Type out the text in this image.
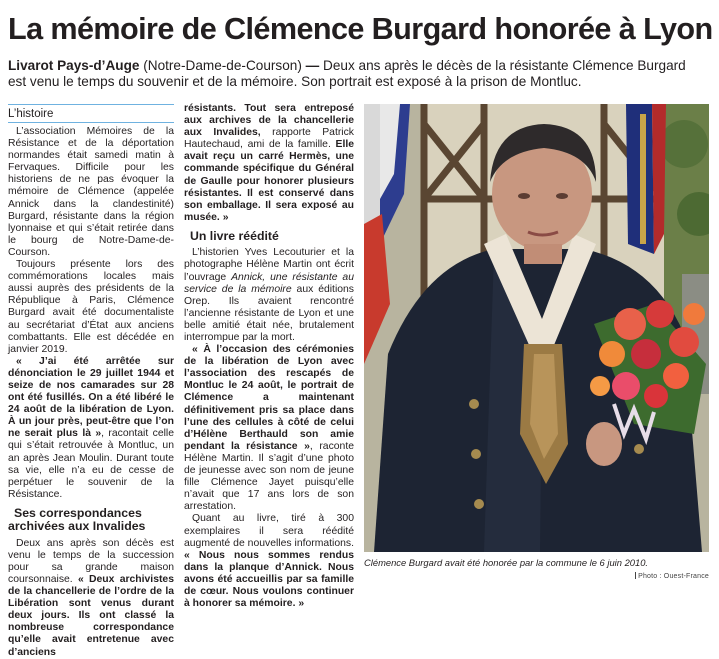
La mémoire de Clémence Burgard honorée à Lyon
Livarot Pays-d’Auge (Notre-Dame-de-Courson) — Deux ans après le décès de la résistante Clémence Burgard est venu le temps du souvenir et de la mémoire. Son portrait est exposé à la prison de Montluc.
L’histoire

L’association Mémoires de la Résistance et de la déportation normandes était samedi matin à Fervaques. Difficile pour les historiens de ne pas évoquer la mémoire de Clémence (appelée Annick dans la clandestinité) Burgard, résistante dans la région lyonnaise et qui s’était retirée dans le bourg de Notre-Dame-de-Courson.

Toujours présente lors des commémorations locales mais aussi auprès des présidents de la République à Paris, Clémence Burgard avait été documentaliste au secrétariat d’État aux anciens combattants. Elle est décédée en janvier 2019.

« J’ai été arrêtée sur dénonciation le 29 juillet 1944 et seize de nos camarades sur 28 ont été fusillés. On a été libéré le 24 août de la libération de Lyon. À un jour près, peut-être que l’on ne serait plus là », racontait celle qui s’était retrouvée à Montluc, un an après Jean Moulin. Durant toute sa vie, elle n’a eu de cesse de perpétuer le souvenir de la Résistance.

Ses correspondances archivées aux Invalides

Deux ans après son décès est venu le temps de la succession pour sa grande maison coursonnaise. « Deux archivistes de la chancellerie de l’ordre de la Libération sont venus durant deux jours. Ils ont classé la nombreuse correspondance qu’elle avait entretenue avec d’anciens

résistants. Tout sera entreposé aux archives de la chancellerie aux Invalides, rapporte Patrick Hautechaud, ami de la famille. Elle avait reçu un carré Hermès, une commande spécifique du Général de Gaulle pour honorer plusieurs résistantes. Il est conservé dans son emballage. Il sera exposé au musée. »

Un livre réédité

L’historien Yves Lecouturier et la photographe Hélène Martin ont écrit l’ouvrage Annick, une résistante au service de la mémoire aux éditions Orep. Ils avaient rencontré l’ancienne résistante de Lyon et une belle amitié était née, brutalement interrompue par la mort.

« À l’occasion des cérémonies de la libération de Lyon avec l’association des rescapés de Montluc le 24 août, le portrait de Clémence a maintenant définitivement pris sa place dans l’une des cellules à côté de celui d’Hélène Berthauld son amie pendant la résistance », raconte Hélène Martin. Il s’agit d’une photo de jeunesse avec son nom de jeune fille Clémence Jayet puisqu’elle n’avait que 17 ans lors de son arrestation.

Quant au livre, tiré à 300 exemplaires il sera réédité augmenté de nouvelles informations. « Nous nous sommes rendus dans la planque d’Annick. Nous avons été accueillis par sa famille de cœur. Nous voulons continuer à honorer sa mémoire. »

Clémence Burgard avait été honorée par la commune le 6 juin 2010.
Photo : Ouest-France
